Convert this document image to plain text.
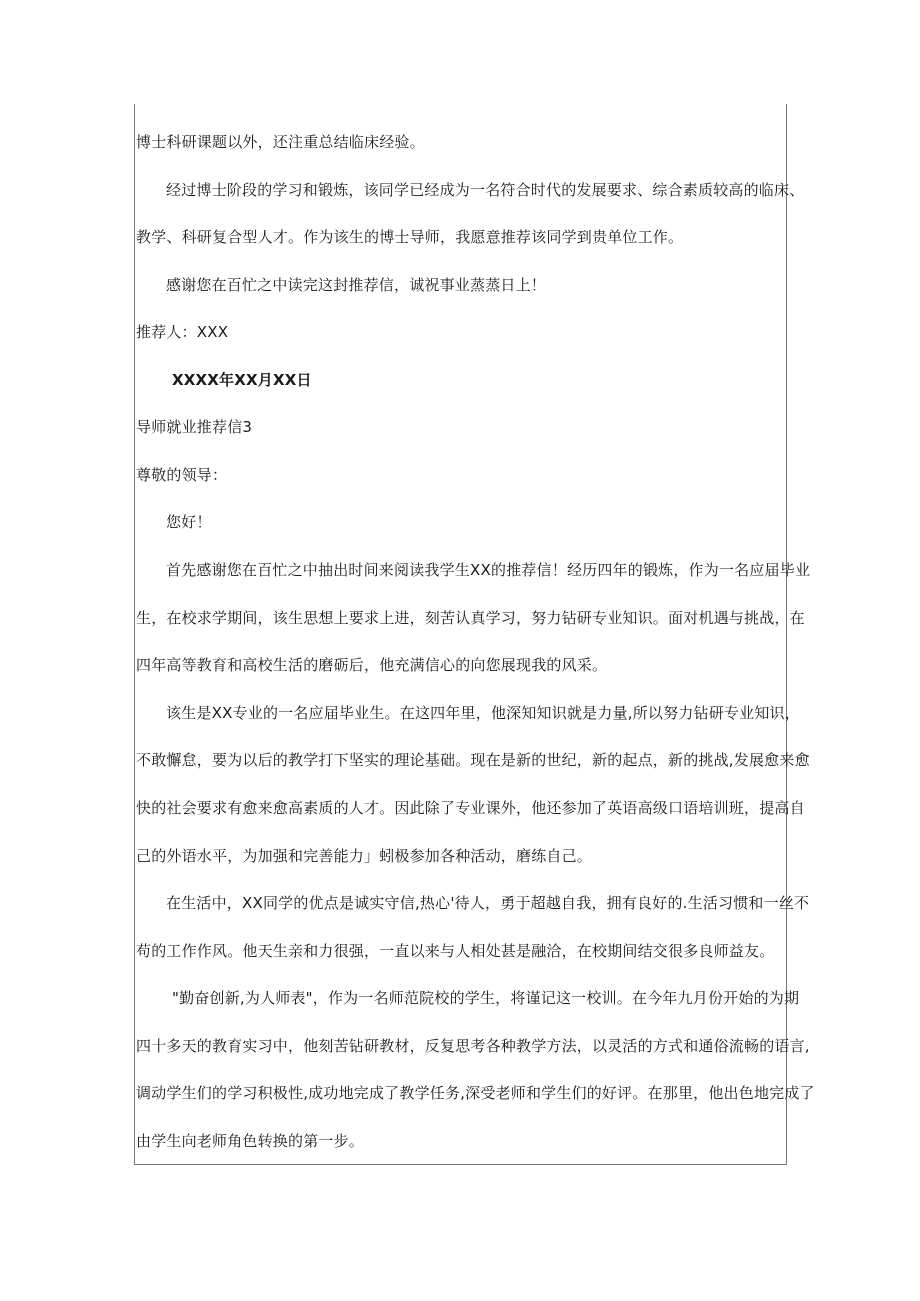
博士科研课题以外，还注重总结临床经验。
经过博士阶段的学习和锻炼，该同学已经成为一名符合时代的发展要求、综合素质较高的临床、
教学、科研复合型人才。作为该生的博士导师，我愿意推荐该同学到贵单位工作。
感谢您在百忙之中读完这封推荐信，诚祝事业蒸蒸日上！
推荐人：XXX
XXXX年XX月XX日
导师就业推荐信3
尊敬的领导：
您好！
首先感谢您在百忙之中抽出时间来阅读我学生XX的推荐信！经历四年的锻炼，作为一名应届毕业
生，在校求学期间，该生思想上要求上进，刻苦认真学习，努力钻研专业知识。面对机遇与挑战，在
四年高等教育和高校生活的磨砺后，他充满信心的向您展现我的风采。
该生是XX专业的一名应届毕业生。在这四年里，他深知知识就是力量,所以努力钻研专业知识，
不敢懈怠，要为以后的教学打下坚实的理论基础。现在是新的世纪，新的起点，新的挑战,发展愈来愈
快的社会要求有愈来愈高素质的人才。因此除了专业课外，他还参加了英语高级口语培训班，提高自
己的外语水平，为加强和完善能力」蚓极参加各种活动，磨练自己。
在生活中，XX同学的优点是诚实守信,热心'待人，勇于超越自我，拥有良好的.生活习惯和一丝不
苟的工作作风。他天生亲和力很强，一直以来与人相处甚是融洽，在校期间结交很多良师益友。
"勤奋创新,为人师表"，作为一名师范院校的学生，将谨记这一校训。在今年九月份开始的为期
四十多天的教育实习中，他刻苦钻研教材，反复思考各种教学方法，以灵活的方式和通俗流畅的语言,
调动学生们的学习积极性,成功地完成了教学任务,深受老师和学生们的好评。在那里，他出色地完成了
由学生向老师角色转换的第一步。
